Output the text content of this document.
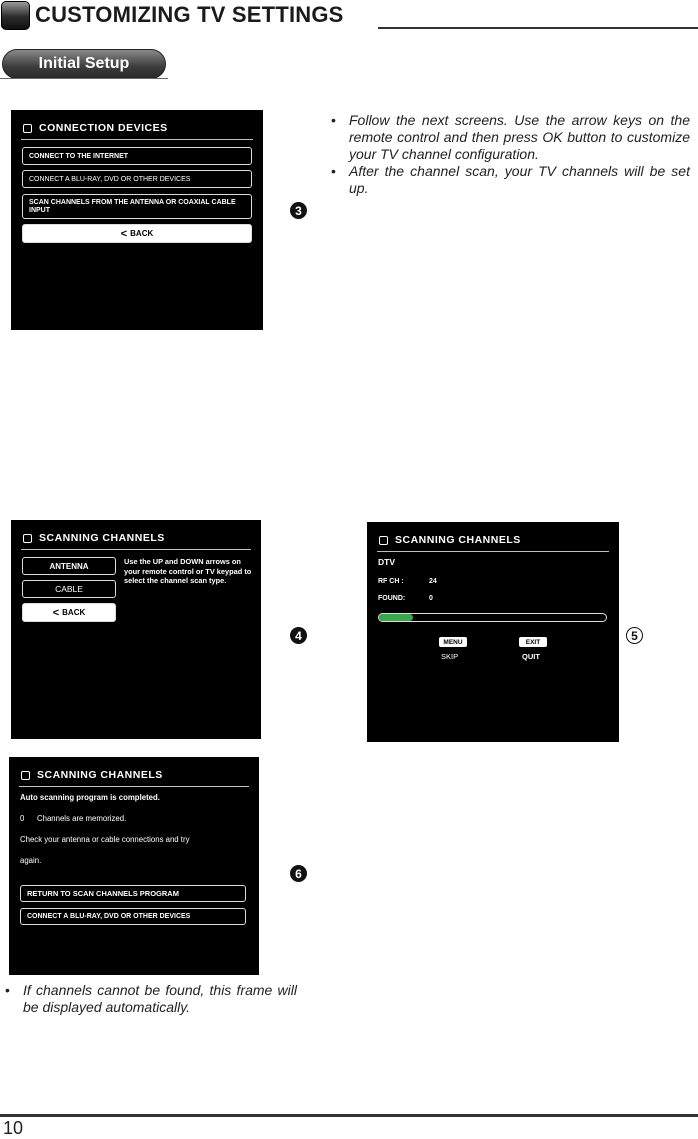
CUSTOMIZING TV SETTINGS
Initial Setup
CONNECTION DEVICES
CONNECT TO THE INTERNET
CONNECT A BLU-RAY, DVD OR OTHER DEVICES
SCAN CHANNELS FROM THE ANTENNA OR COAXIAL CABLE INPUT
< BACK
3
• Follow the next screens. Use the arrow keys on the remote control and then press OK button to customize your TV channel configuration.
• After the channel scan, your TV channels will be set up.
SCANNING CHANNELS
ANTENNA
CABLE
< BACK
Use the UP and DOWN arrows on your remote control or TV keypad to select the channel scan type.
4
SCANNING CHANNELS
DTV
RF CH :	24
FOUND:	0
MENU
SKIP
EXIT
QUIT
5
SCANNING CHANNELS
Auto scanning program is completed.
0 Channels are memorized.
Check your antenna or cable connections and try
again.
RETURN TO SCAN CHANNELS PROGRAM
CONNECT A BLU-RAY, DVD OR OTHER DEVICES
6
• If channels cannot be found, this frame will be displayed automatically.
10
